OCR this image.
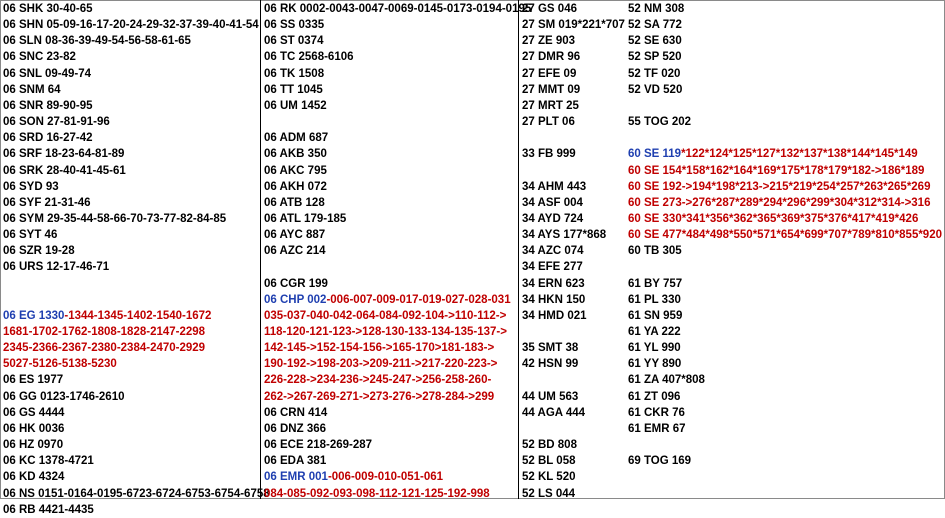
06 SHK 30-40-65
06 SHN 05-09-16-17-20-24-29-32-37-39-40-41-54
06 SLN 08-36-39-49-54-56-58-61-65
06 SNC 23-82
06 SNL 09-49-74
06 SNM 64
06 SNR 89-90-95
06 SON 27-81-91-96
06 SRD 16-27-42
06 SRF 18-23-64-81-89
06 SRK 28-40-41-45-61
06 SYD 93
06 SYF 21-31-46
06 SYM 29-35-44-58-66-70-73-77-82-84-85
06 SYT 46
06 SZR 19-28
06 URS 12-17-46-71
06 EG 1330-1344-1345-1402-1540-1672
1681-1702-1762-1808-1828-2147-2298
2345-2366-2367-2380-2384-2470-2929
5027-5126-5138-5230
06 ES 1977
06 GG 0123-1746-2610
06 GS 4444
06 HK 0036
06 HZ 0970
06 KC 1378-4721
06 KD 4324
06 NS 0151-0164-0195-6723-6724-6753-6754-6758
06 RB 4421-4435
06 RK 0002-0043-0047-0069-0145-0173-0194-0195
06 SS 0335
06 ST 0374
06 TC 2568-6106
06 TK 1508
06 TT 1045
06 UM 1452
06 ADM 687
06 AKB 350
06 AKC 795
06 AKH 072
06 ATB 128
06 ATL 179-185
06 AYC 887
06 AZC 214
06 CGR 199
06 CHP 002-006-007-009-017-019-027-028-031
035-037-040-042-064-084-092-104->110-112->
118-120-121-123->128-130-133-134-135-137->
142-145->152-154-156->165-170>181-183->
190-192->198-203->209-211->217-220-223->
226-228->234-236->245-247->256-258-260-
262->267-269-271->273-276->278-284->299
06 CRN 414
06 DNZ 366
06 ECE 218-269-287
06 EDA 381
06 EMR 001-006-009-010-051-061
084-085-092-093-098-112-121-125-192-998
27 GS 046
27 SM 019*221*707
27 ZE 903
27 DMR 96
27 EFE 09
27 MMT 09
27 MRT 25
27 PLT 06
33 FB 999
34 AHM 443
34 ASF 004
34 AYD 724
34 AYS 177*868
34 AZC 074
34 EFE 277
34 ERN 623
34 HKN 150
34 HMD 021
35 SMT 38
42 HSN 99
44 UM 563
44 AGA 444
52 BD 808
52 BL 058
52 KL 520
52 LS 044
52 NM 308
52 SA 772
52 SE 630
52 SP 520
52 TF 020
52 VD 520
55 TOG 202
60 SE 119*122*124*125*127*132*137*138*144*145*149
60 SE 154*158*162*164*169*175*178*179*182->186*189
60 SE 192->194*198*213->215*219*254*257*263*265*269
60 SE 273->276*287*289*294*296*299*304*312*314->316
60 SE 330*341*356*362*365*369*375*376*417*419*426
60 SE 477*484*498*550*571*654*699*707*789*810*855*920
60 TB 305
61 BY 757
61 PL 330
61 SN 959
61 YA 222
61 YL 990
61 YY 890
61 ZA 407*808
61 ZT 096
61 CKR 76
61 EMR 67
69 TOG 169
